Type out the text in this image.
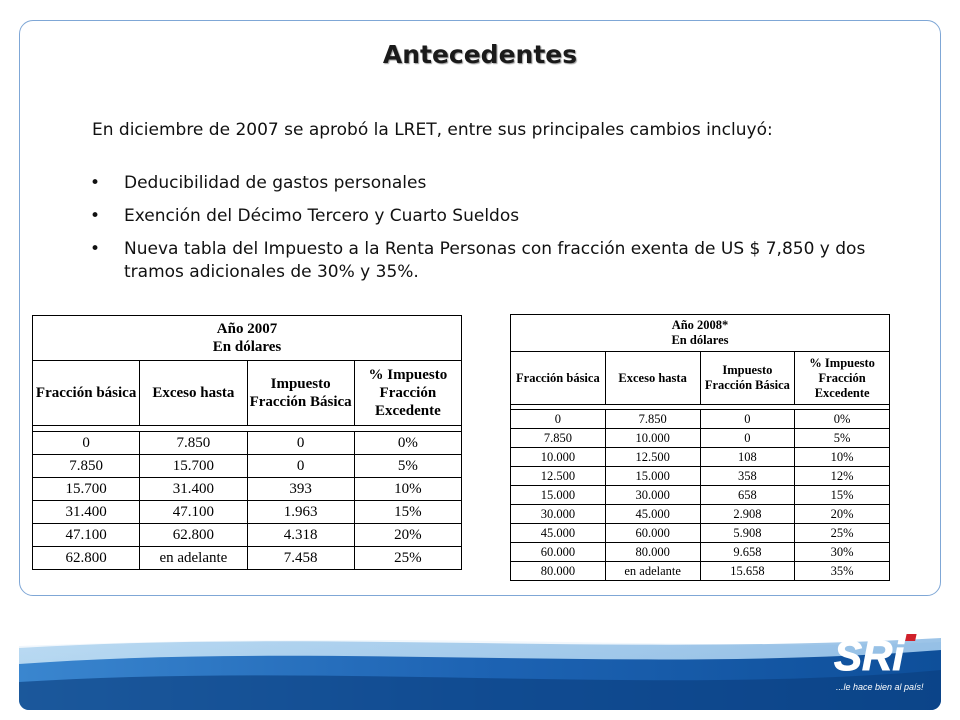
Antecedentes
En diciembre de 2007 se aprobó la LRET, entre sus principales cambios incluyó:
• Deducibilidad de gastos personales
• Exención del Décimo Tercero y Cuarto Sueldos
• Nueva tabla del Impuesto a la Renta Personas con fracción exenta de US $ 7,850 y dos tramos adicionales de 30% y 35%.
Año 2007
En dólares			

Fracción básica	Exceso hasta	Impuesto Fracción Básica	% Impuesto Fracción Excedente

0	7.850	0	0%
7.850	15.700	0	5%
15.700	31.400	393	10%
31.400	47.100	1.963	15%
47.100	62.800	4.318	20%
62.800	en adelante	7.458	25%
Año 2008*
En dólares			

Fracción básica	Exceso hasta	Impuesto Fracción Básica	% Impuesto Fracción Excedente

0	7.850	0	0%
7.850	10.000	0	5%
10.000	12.500	108	10%
12.500	15.000	358	12%
15.000	30.000	658	15%
30.000	45.000	2.908	20%
45.000	60.000	5.908	25%
60.000	80.000	9.658	30%
80.000	en adelante	15.658	35%
SRi
...le hace bien al país!
